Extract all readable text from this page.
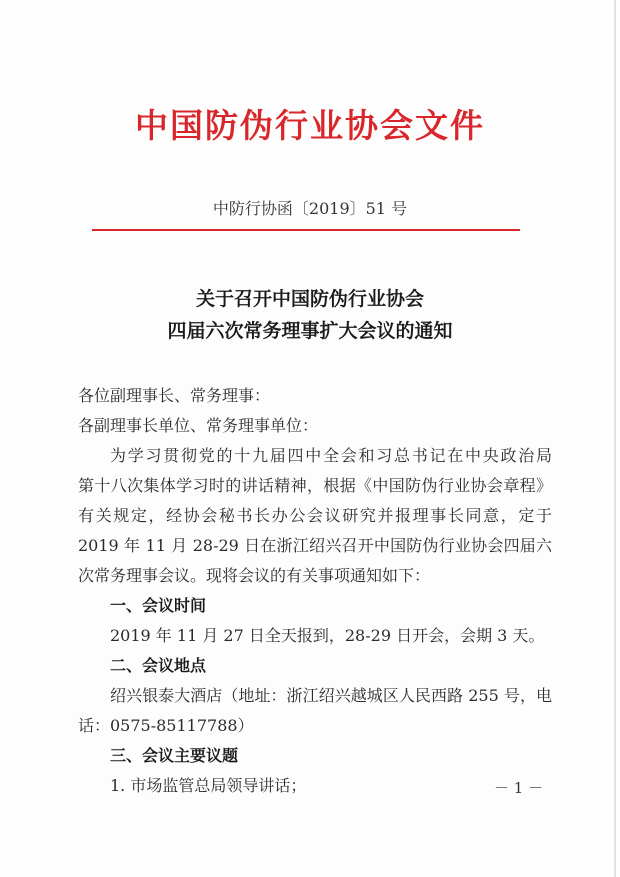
中国防伪行业协会文件
中防行协函〔2019〕51 号
关于召开中国防伪行业协会
四届六次常务理事扩大会议的通知
各位副理事长、常务理事：
各副理事长单位、常务理事单位：
为学习贯彻党的十九届四中全会和习总书记在中央政治局
第十八次集体学习时的讲话精神，根据《中国防伪行业协会章程》
有关规定，经协会秘书长办公会议研究并报理事长同意，定于
2019 年 11 月 28-29 日在浙江绍兴召开中国防伪行业协会四届六
次常务理事会议。现将会议的有关事项通知如下：
一、会议时间
2019 年 11 月 27 日全天报到，28-29 日开会，会期 3 天。
二、会议地点
绍兴银泰大酒店（地址：浙江绍兴越城区人民西路 255 号，电
话：0575-85117788）
三、会议主要议题
1. 市场监管总局领导讲话；	－ 1 －
